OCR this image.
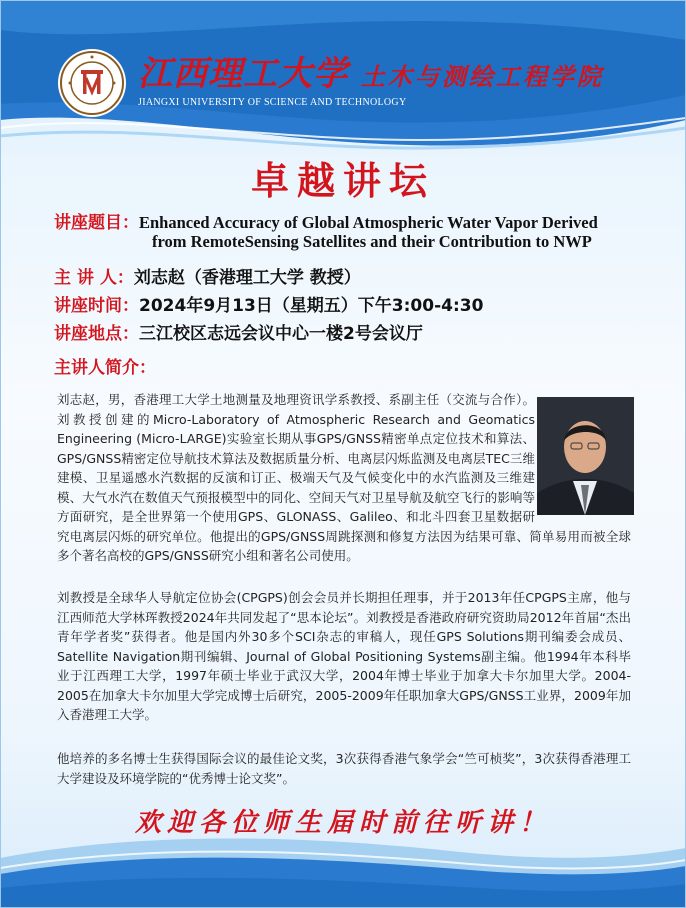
江西理工大学 土木与测绘工程学院
JIANGXI UNIVERSITY OF SCIENCE AND TECHNOLOGY
卓越讲坛
讲座题目：Enhanced Accuracy of Global Atmospheric Water Vapor Derived
from RemoteSensing Satellites and their Contribution to NWP
主 讲 人：刘志赵（香港理工大学 教授）
讲座时间：2024年9月13日（星期五）下午3:00-4:30
讲座地点：三江校区志远会议中心一楼2号会议厅
主讲人简介：

刘志赵，男，香港理工大学土地测量及地理资讯学系教授、系副主任（交流与合作）。刘教授创建的Micro-Laboratory of Atmospheric Research and Geomatics Engineering (Micro-LARGE)实验室长期从事GPS/GNSS精密单点定位技术和算法、 GPS/GNSS精密定位导航技术算法及数据质量分析、电离层闪烁监测及电离层TEC三维建模、卫星遥感水汽数据的反演和订正、极端天气及气候变化中的水汽监测及三维建模、大气水汽在数值天气预报模型中的同化、空间天气对卫星导航及航空飞行的影响等方面研究，是全世界第一个使用GPS、GLONASS、Galileo、和北斗四套卫星数据研究电离层闪烁的研究单位。他提出的GPS/GNSS周跳探测和修复方法因为结果可靠、简单易用而被全球多个著名高校的GPS/GNSS研究小组和著名公司使用。

刘教授是全球华人导航定位协会(CPGPS)创会会员并长期担任理事，并于2013年任CPGPS主席，他与江西师范大学林珲教授2024年共同发起了“思本论坛”。刘教授是香港政府研究资助局2012年首届“杰出青年学者奖”获得者。他是国内外30多个SCI杂志的审稿人，现任GPS Solutions期刊编委会成员、Satellite Navigation期刊编辑、Journal of Global Positioning Systems副主编。他1994年本科毕业于江西理工大学，1997年硕士毕业于武汉大学，2004年博士毕业于加拿大卡尔加里大学。2004-2005在加拿大卡尔加里大学完成博士后研究，2005-2009年任职加拿大GPS/GNSS工业界，2009年加入香港理工大学。

他培养的多名博士生获得国际会议的最佳论文奖，3次获得香港气象学会“竺可桢奖”，3次获得香港理工大学建设及环境学院的“优秀博士论文奖”。

欢迎各位师生届时前往听讲！
